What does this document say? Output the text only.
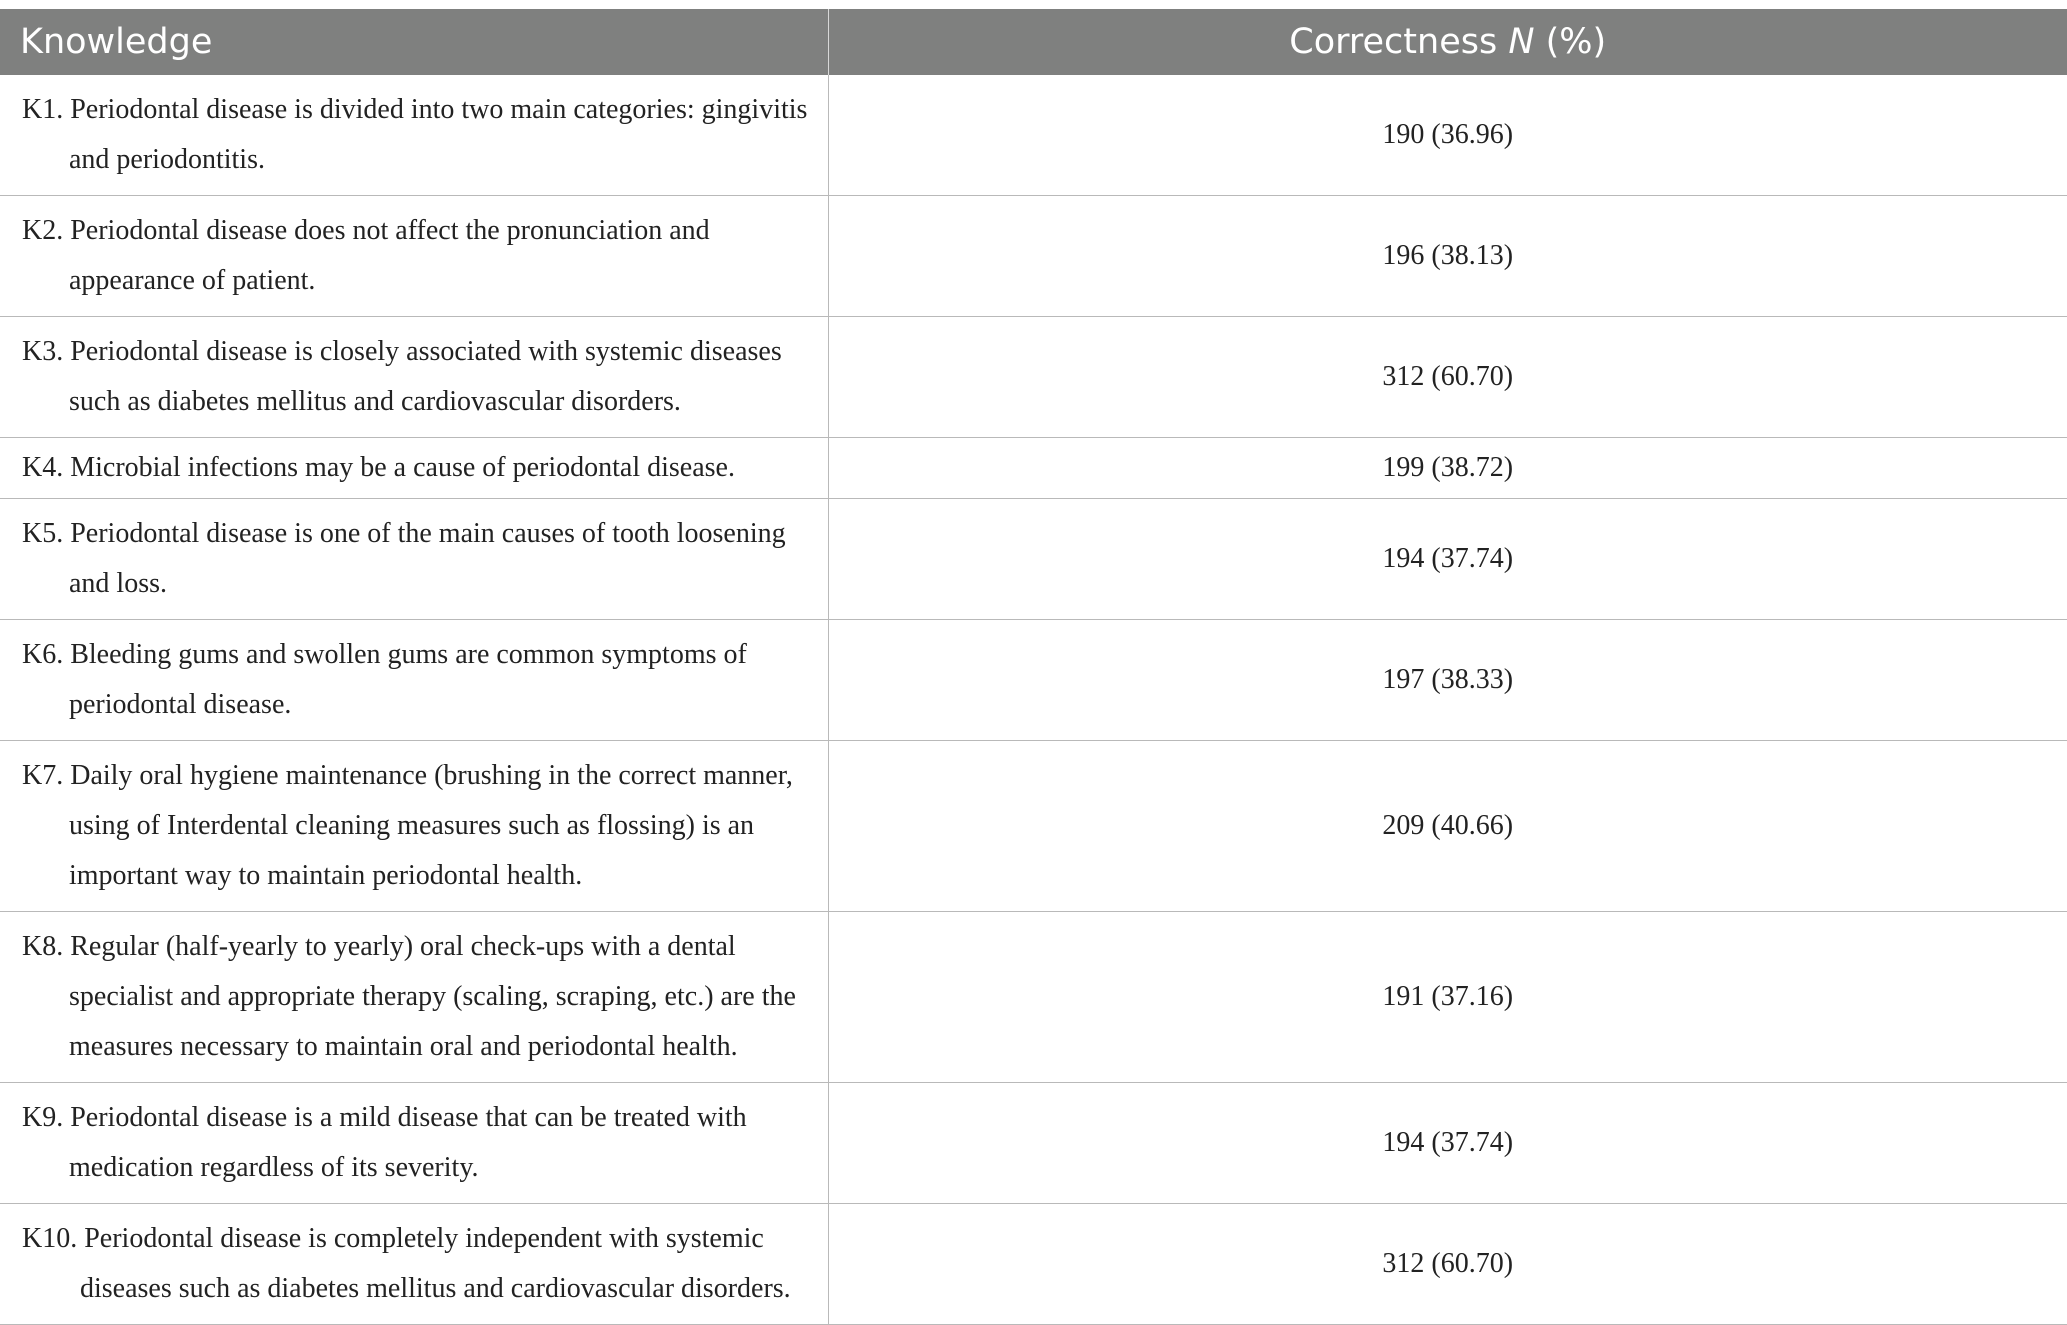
Knowledge	Correctness N (%)

K1. Periodontal disease is divided into two main categories: gingivitis and periodontitis.	190 (36.96)

K2. Periodontal disease does not affect the pronunciation and appearance of patient.	196 (38.13)

K3. Periodontal disease is closely associated with systemic diseases such as diabetes mellitus and cardiovascular disorders.	312 (60.70)

K4. Microbial infections may be a cause of periodontal disease.	199 (38.72)

K5. Periodontal disease is one of the main causes of tooth loosening and loss.	194 (37.74)

K6. Bleeding gums and swollen gums are common symptoms of periodontal disease.	197 (38.33)

K7. Daily oral hygiene maintenance (brushing in the correct manner, using of Interdental cleaning measures such as flossing) is an important way to maintain periodontal health.	209 (40.66)

K8. Regular (half-yearly to yearly) oral check-ups with a dental specialist and appropriate therapy (scaling, scraping, etc.) are the measures necessary to maintain oral and periodontal health.	191 (37.16)

K9. Periodontal disease is a mild disease that can be treated with medication regardless of its severity.	194 (37.74)

K10. Periodontal disease is completely independent with systemic diseases such as diabetes mellitus and cardiovascular disorders.	312 (60.70)
